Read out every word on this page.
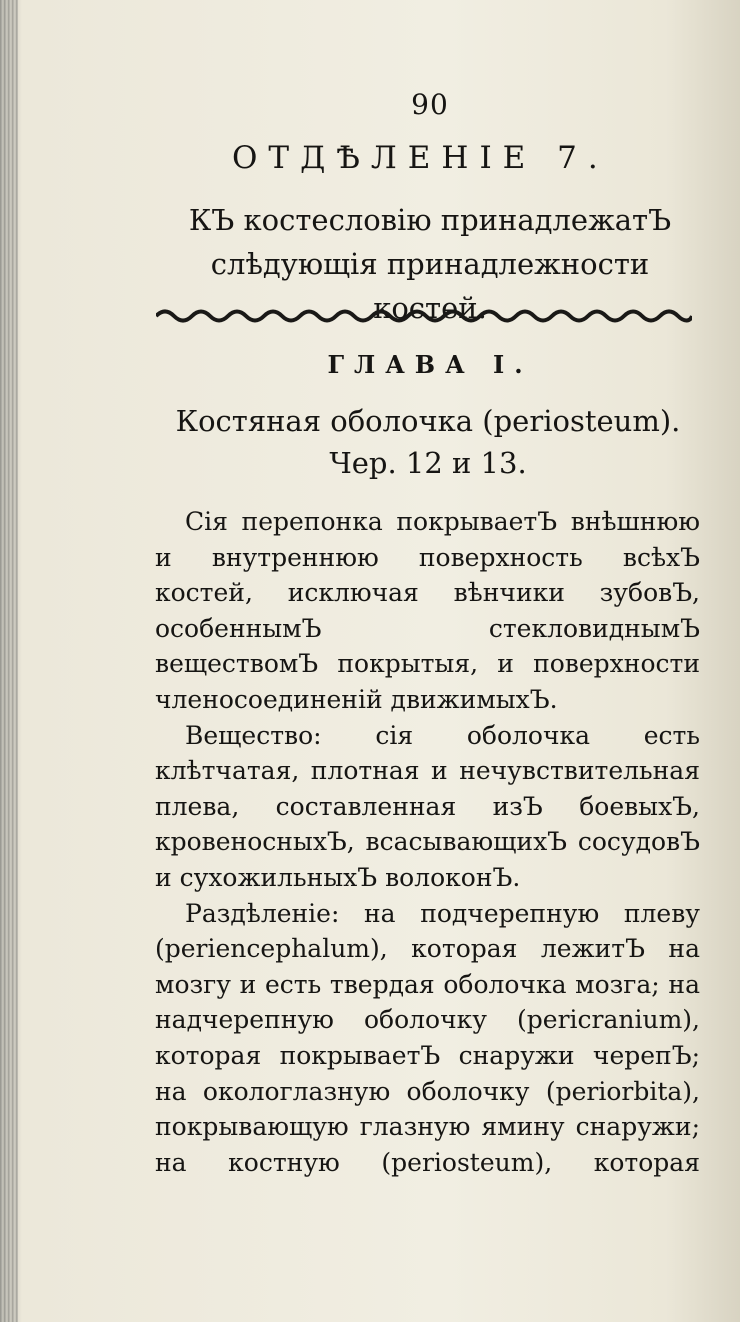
90
ОТДѢЛЕНІЕ 7.
КЪ костесловію принадлежатЪ слѣдующія принадлежности костей.
ГЛАВА I.
Костяная оболочка (periosteum). Чер. 12 и 13.

Сія перепонка покрываетЪ внѣшнюю и внутреннюю поверхность всѣхЪ костей, исключая вѣнчики зубовЪ, особеннымЪ стекловиднымЪ веществомЪ покрытыя, и поверхности членосоединеній движимыхЪ.

Вещество: сія оболочка есть клѣтчатая, плотная и нечувствительная плева, составленная изЪ боевыхЪ, кровеносныхЪ, всасывающихЪ сосудовЪ и сухожильныхЪ волоконЪ.

Раздѣленіе: на подчерепную плеву (periencephalum), которая лежитЪ на мозгу и есть твердая оболочка мозга; на надчерепную оболочку (pericranium), которая покрываетЪ снаружи черепЪ; на окологлазную оболочку (periorbita), покрывающую глазную ямину снаружи; на костную (periosteum), которая
